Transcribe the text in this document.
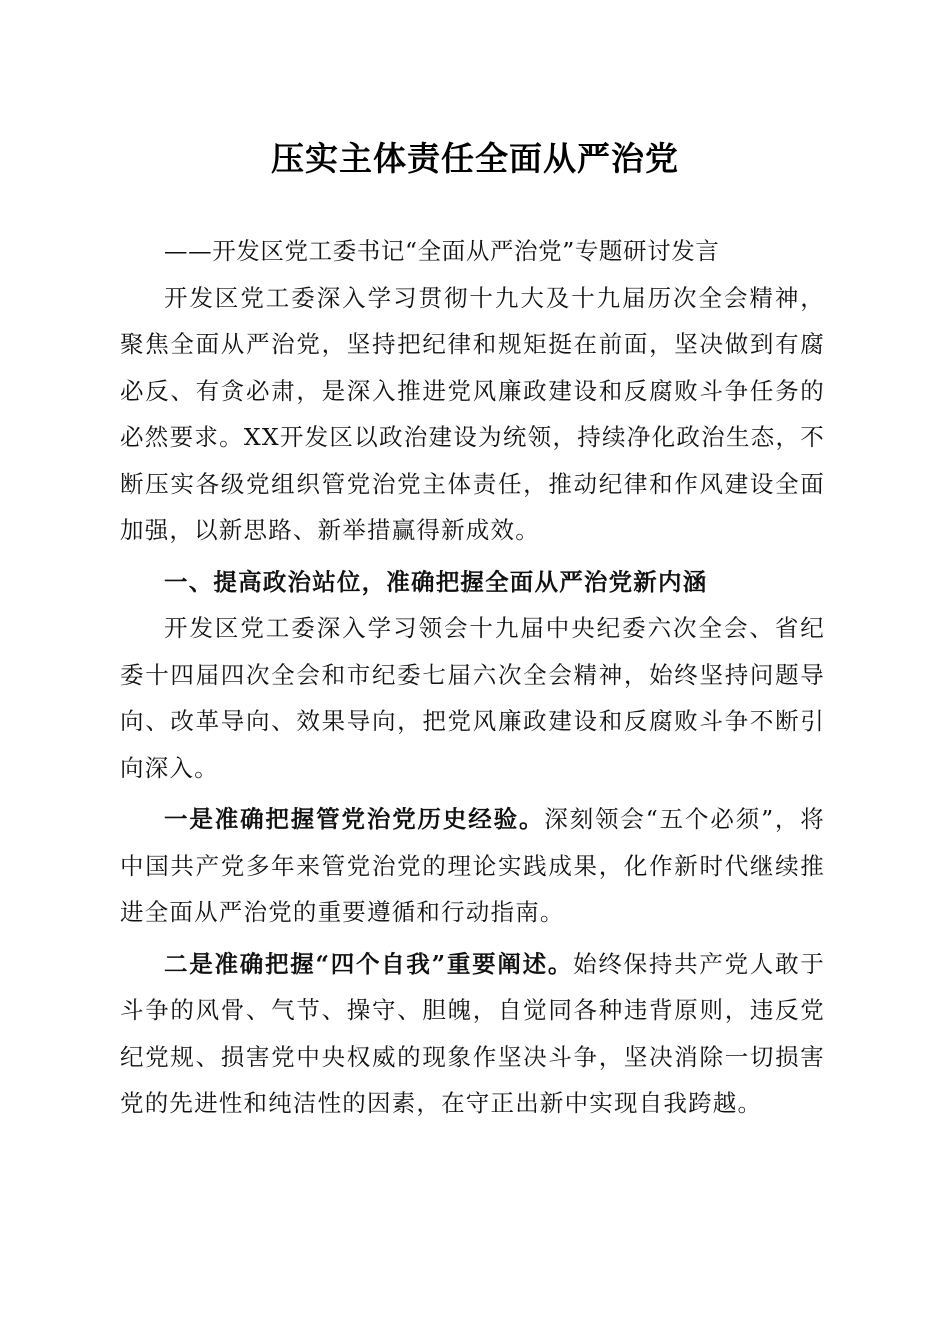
压实主体责任全面从严治党

——开发区党工委书记“全面从严治党”专题研讨发言

开发区党工委深入学习贯彻十九大及十九届历次全会精神，聚焦全面从严治党，坚持把纪律和规矩挺在前面，坚决做到有腐必反、有贪必肃，是深入推进党风廉政建设和反腐败斗争任务的必然要求。XX开发区以政治建设为统领，持续净化政治生态，不断压实各级党组织管党治党主体责任，推动纪律和作风建设全面加强，以新思路、新举措赢得新成效。

一、提高政治站位，准确把握全面从严治党新内涵

开发区党工委深入学习领会十九届中央纪委六次全会、省纪委十四届四次全会和市纪委七届六次全会精神，始终坚持问题导向、改革导向、效果导向，把党风廉政建设和反腐败斗争不断引向深入。

一是准确把握管党治党历史经验。深刻领会“五个必须”，将中国共产党多年来管党治党的理论实践成果，化作新时代继续推进全面从严治党的重要遵循和行动指南。

二是准确把握“四个自我”重要阐述。始终保持共产党人敢于斗争的风骨、气节、操守、胆魄，自觉同各种违背原则，违反党纪党规、损害党中央权威的现象作坚决斗争，坚决消除一切损害党的先进性和纯洁性的因素，在守正出新中实现自我跨越。
